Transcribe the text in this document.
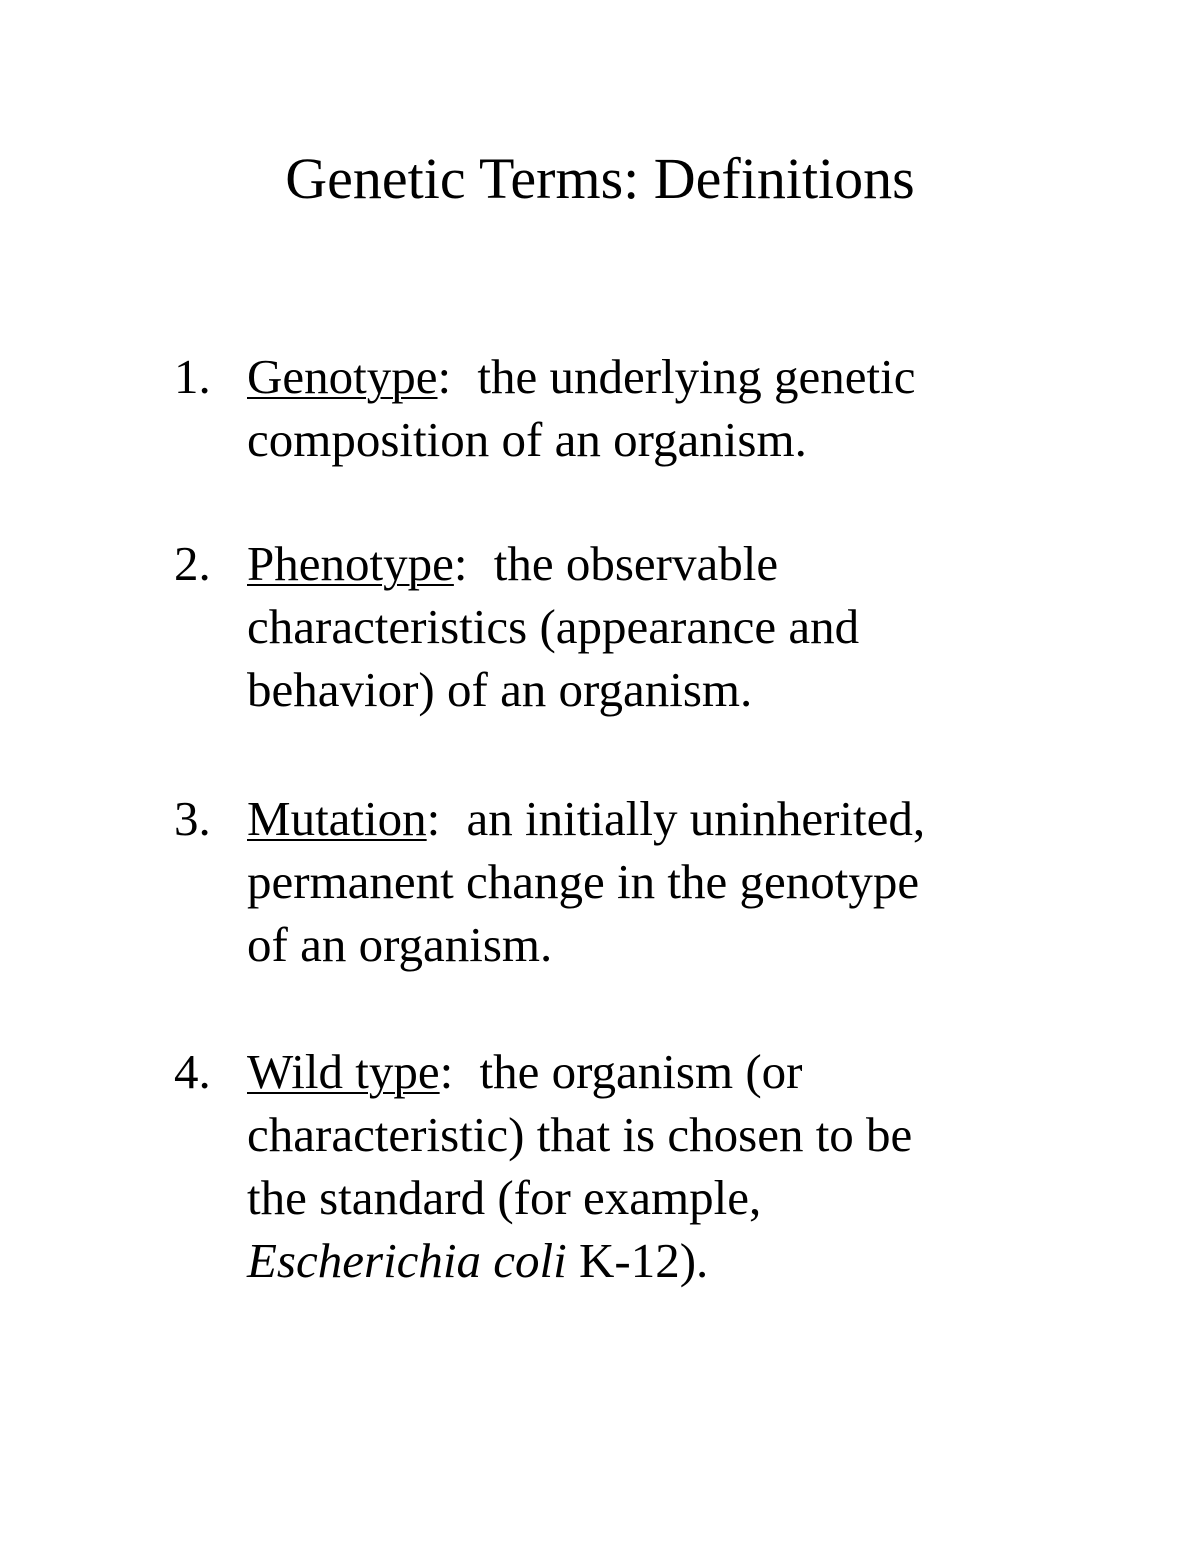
Genetic Terms: Definitions
1. Genotype: the underlying genetic
composition of an organism.
2. Phenotype: the observable
characteristics (appearance and
behavior) of an organism.
3. Mutation: an initially uninherited,
permanent change in the genotype
of an organism.
4. Wild type: the organism (or
characteristic) that is chosen to be
the standard (for example,
Escherichia coli K-12).
